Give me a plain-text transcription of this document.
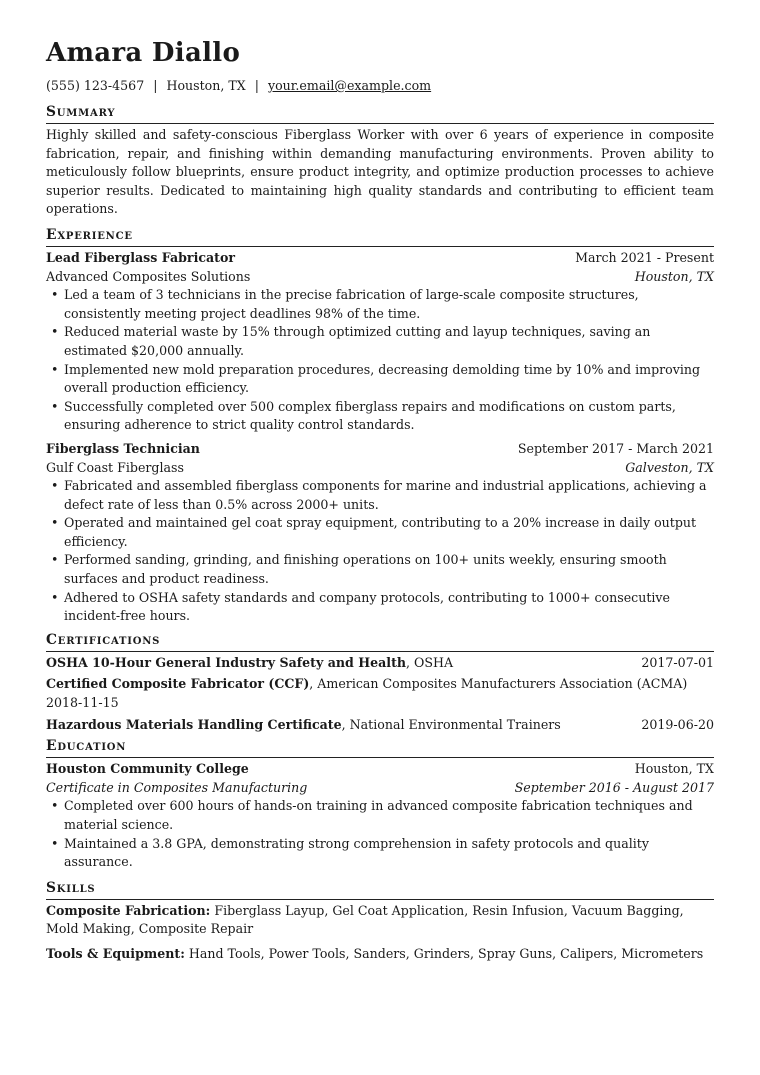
Amara Diallo
(555) 123-4567 | Houston, TX | your.email@example.com
Summary
Highly skilled and safety-conscious Fiberglass Worker with over 6 years of experience in composite fabrication, repair, and finishing within demanding manufacturing environments. Proven ability to meticulously follow blueprints, ensure product integrity, and optimize production processes to achieve superior results. Dedicated to maintaining high quality standards and contributing to efficient team operations.
Experience
Lead Fiberglass Fabricator	March 2021 - Present
Advanced Composites Solutions	Houston, TX
• Led a team of 3 technicians in the precise fabrication of large-scale composite structures, consistently meeting project deadlines 98% of the time.
• Reduced material waste by 15% through optimized cutting and layup techniques, saving an estimated $20,000 annually.
• Implemented new mold preparation procedures, decreasing demolding time by 10% and improving overall production efficiency.
• Successfully completed over 500 complex fiberglass repairs and modifications on custom parts, ensuring adherence to strict quality control standards.
Fiberglass Technician	September 2017 - March 2021
Gulf Coast Fiberglass	Galveston, TX
• Fabricated and assembled fiberglass components for marine and industrial applications, achieving a defect rate of less than 0.5% across 2000+ units.
• Operated and maintained gel coat spray equipment, contributing to a 20% increase in daily output efficiency.
• Performed sanding, grinding, and finishing operations on 100+ units weekly, ensuring smooth surfaces and product readiness.
• Adhered to OSHA safety standards and company protocols, contributing to 1000+ consecutive incident-free hours.
Certifications
OSHA 10-Hour General Industry Safety and Health, OSHA	2017-07-01
Certified Composite Fabricator (CCF), American Composites Manufacturers Association (ACMA)
2018-11-15
Hazardous Materials Handling Certificate, National Environmental Trainers	2019-06-20
Education
Houston Community College	Houston, TX
Certificate in Composites Manufacturing	September 2016 - August 2017
• Completed over 600 hours of hands-on training in advanced composite fabrication techniques and material science.
• Maintained a 3.8 GPA, demonstrating strong comprehension in safety protocols and quality assurance.
Skills
Composite Fabrication: Fiberglass Layup, Gel Coat Application, Resin Infusion, Vacuum Bagging, Mold Making, Composite Repair
Tools & Equipment: Hand Tools, Power Tools, Sanders, Grinders, Spray Guns, Calipers, Micrometers
